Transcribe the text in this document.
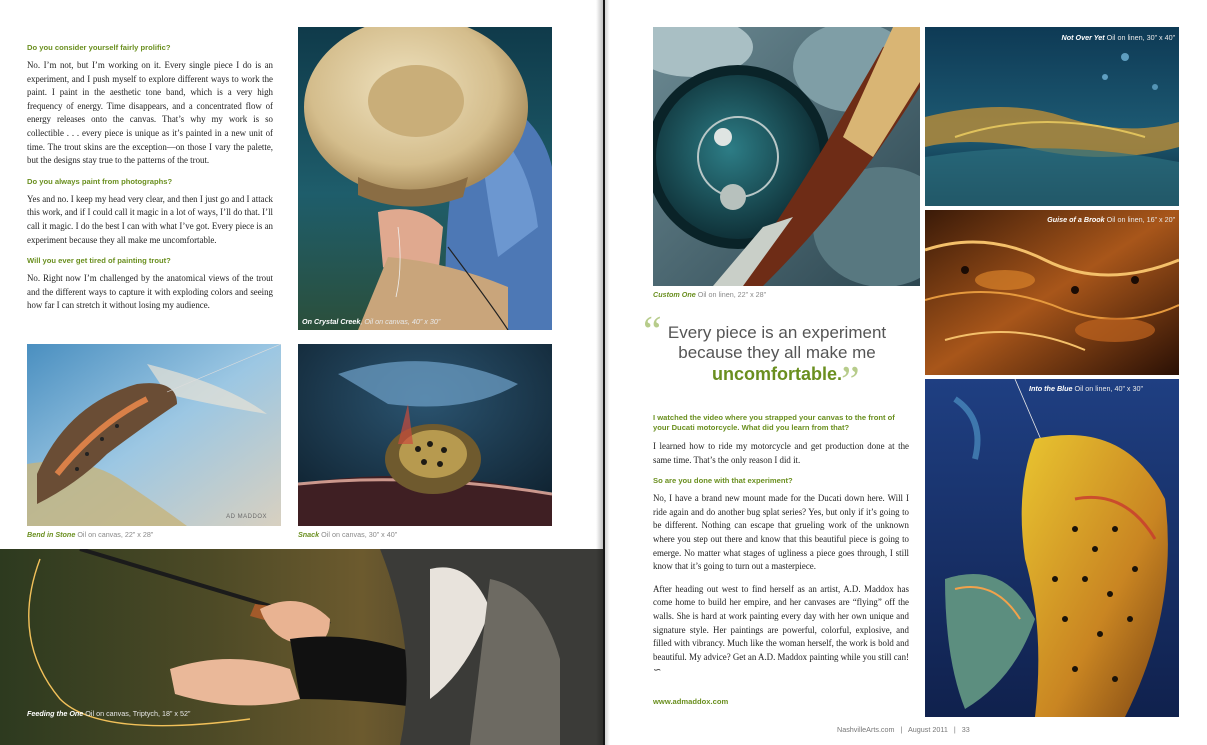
Do you consider yourself fairly prolific?
No. I’m not, but I’m working on it. Every single piece I do is an experiment, and I push myself to explore different ways to work the paint. I paint in the aesthetic tone band, which is a very high frequency of energy. Time disappears, and a concentrated flow of energy releases onto the canvas. That’s why my work is so collectible . . . every piece is unique as it’s painted in a new unit of time. The trout skins are the exception—on those I vary the palette, but the designs stay true to the patterns of the trout.
Do you always paint from photographs?
Yes and no. I keep my head very clear, and then I just go and I attack this work, and if I could call it magic in a lot of ways, I’ll do that. I’ll call it magic. I do the best I can with what I’ve got. Every piece is an experiment because they all make me uncomfortable.
Will you ever get tired of painting trout?
No. Right now I’m challenged by the anatomical views of the trout and the different ways to capture it with exploding colors and seeing how far I can stretch it without losing my audience.
On Crystal Creek, Oil on canvas, 40” x 30”
AD MADDOX
Bend in Stone Oil on canvas, 22” x 28”	Snack Oil on canvas, 30” x 40”
Feeding the One Oil on canvas, Triptych, 18” x 52”
Custom One Oil on linen, 22” x 28”
Not Over Yet Oil on linen, 30” x 40”
Guise of a Brook Oil on linen, 16” x 20”
Into the Blue Oil on linen, 40” x 30”
“ Every piece is an experiment
because they all make me
uncomfortable. ”
I watched the video where you strapped your canvas to the front of your Ducati motorcycle. What did you learn from that?
I learned how to ride my motorcycle and get production done at the same time. That’s the only reason I did it.
So are you done with that experiment?
No, I have a brand new mount made for the Ducati down here. Will I ride again and do another bug splat series? Yes, but only if it’s going to be different. Nothing can escape that grueling work of the unknown where you step out there and know that this beautiful piece is going to emerge. No matter what stages of ugliness a piece goes through, I still know that it’s going to turn out a masterpiece.
After heading out west to find herself as an artist, A.D. Maddox has come home to build her empire, and her canvases are “flying” off the walls. She is hard at work painting every day with her own unique and signature style. Her paintings are powerful, colorful, explosive, and filled with vibrancy. Much like the woman herself, the work is bold and beautiful. My advice? Get an A.D. Maddox painting while you still can! ∽
www.admaddox.com
NashvilleArts.com | August 2011 | 33
